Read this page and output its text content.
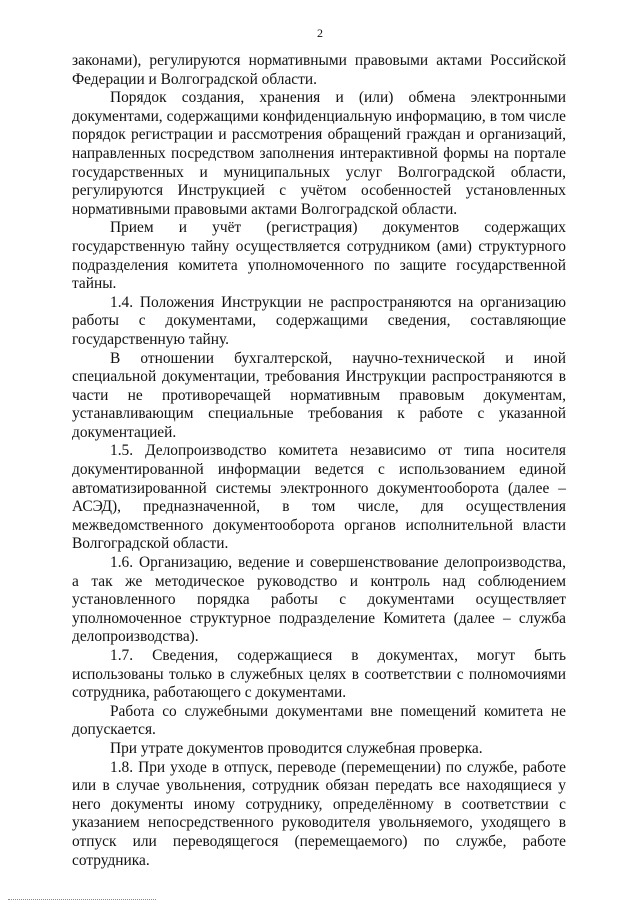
2

законами), регулируются нормативными правовыми актами Российской Федерации и Волгоградской области.

Порядок создания, хранения и (или) обмена электронными документами, содержащими конфиденциальную информацию, в том числе порядок регистрации и рассмотрения обращений граждан и организаций, направленных посредством заполнения интерактивной формы на портале государственных и муниципальных услуг Волгоградской области, регулируются Инструкцией с учётом особенностей установленных нормативными правовыми актами Волгоградской области.

Прием и учёт (регистрация) документов содержащих государственную тайну осуществляется сотрудником (ами) структурного подразделения комитета уполномоченного по защите государственной тайны.

1.4. Положения Инструкции не распространяются на организацию работы с документами, содержащими сведения, составляющие государственную тайну.

В отношении бухгалтерской, научно-технической и иной специальной документации, требования Инструкции распространяются в части не противоречащей нормативным правовым документам, устанавливающим специальные требования к работе с указанной документацией.

1.5. Делопроизводство комитета независимо от типа носителя документированной информации ведется с использованием единой автоматизированной системы электронного документооборота (далее – АСЭД), предназначенной, в том числе, для осуществления межведомственного документооборота органов исполнительной власти Волгоградской области.

1.6. Организацию, ведение и совершенствование делопроизводства, а так же методическое руководство и контроль над соблюдением установленного порядка работы с документами осуществляет уполномоченное структурное подразделение Комитета (далее – служба делопроизводства).

1.7. Сведения, содержащиеся в документах, могут быть использованы только в служебных целях в соответствии с полномочиями сотрудника, работающего с документами.

Работа со служебными документами вне помещений комитета не допускается.

При утрате документов проводится служебная проверка.

1.8. При уходе в отпуск, переводе (перемещении) по службе, работе или в случае увольнения, сотрудник обязан передать все находящиеся у него документы иному сотруднику, определённому в соответствии с указанием непосредственного руководителя увольняемого, уходящего в отпуск или переводящегося (перемещаемого) по службе, работе сотрудника.
